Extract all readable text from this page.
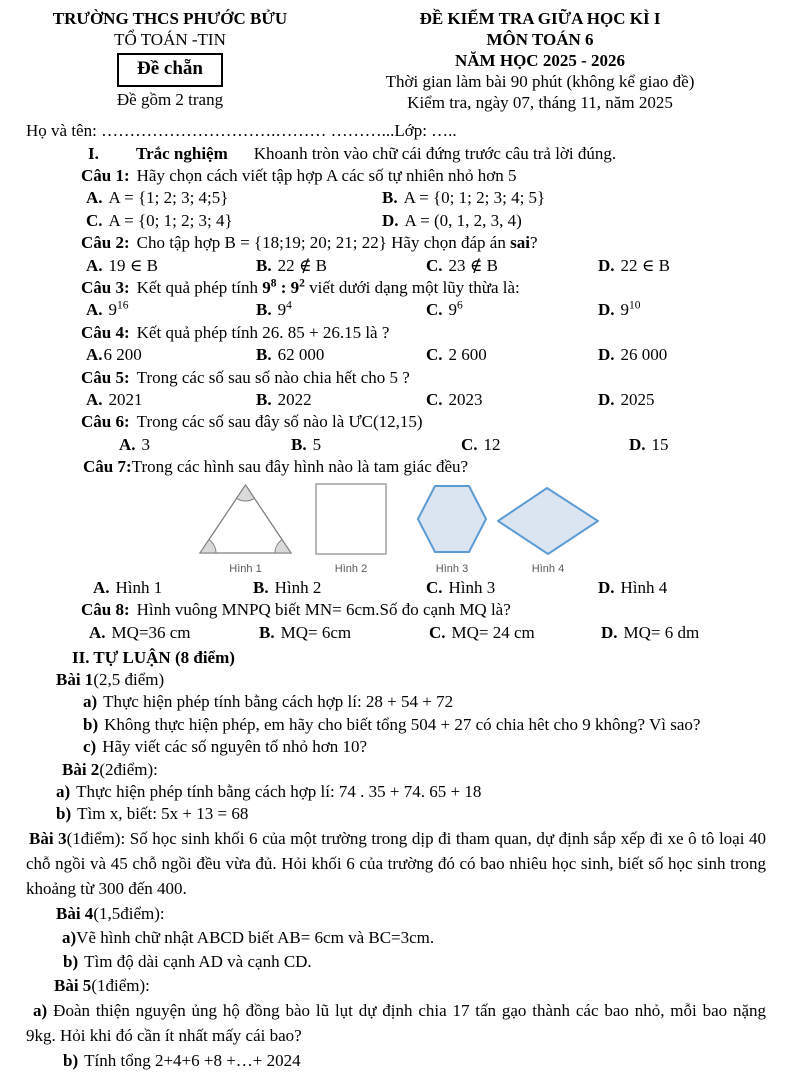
TRƯỜNG THCS PHƯỚC BỬU
TỔ TOÁN -TIN
Đề chẵn
Đề gồm 2 trang
ĐỀ KIỂM TRA GIỮA HỌC KÌ I
MÔN TOÁN 6
NĂM HỌC 2025 - 2026
Thời gian làm bài 90 phút (không kể giao đề)
Kiểm tra, ngày 07, tháng 11, năm 2025
Họ và tên: ………………………….……… ………...Lớp: …..
I. Trắc nghiệm Khoanh tròn vào chữ cái đứng trước câu trả lời đúng.
Câu 1: Hãy chọn cách viết tập hợp A các số tự nhiên nhỏ hơn 5
A. A = {1; 2; 3; 4;5}	B. A = {0; 1; 2; 3; 4; 5}
C. A = {0; 1; 2; 3; 4}	D. A = (0, 1, 2, 3, 4)
Câu 2: Cho tập hợp B = {18;19; 20; 21; 22} Hãy chọn đáp án sai?
A. 19 ∈ B	B. 22 ∉ B	C. 23 ∉ B	D. 22 ∈ B
Câu 3: Kết quả phép tính $9^8$ : $9^2$ viết dưới dạng một lũy thừa là:
A. $9^{16}$	B. $9^4$	C. $9^6$	D. $9^{10}$
Câu 4: Kết quả phép tính 26. 85 + 26.15 là ?
A.6 200	B. 62 000	C. 2 600	D. 26 000
Câu 5: Trong các số sau số nào chia hết cho 5 ?
A. 2021	B. 2022	C. 2023	D. 2025
Câu 6: Trong các số sau đây số nào là ƯC(12,15)
A. 3	B. 5	C. 12	D. 15
Câu 7:Trong các hình sau đây hình nào là tam giác đều?
Hình 1	Hình 2	Hình 3	Hình 4
A. Hình 1	B. Hình 2	C. Hình 3	D. Hình 4
Câu 8: Hình vuông MNPQ biết MN= 6cm.Số đo cạnh MQ là?
A. MQ=36 cm	B. MQ= 6cm	C. MQ= 24 cm	D. MQ= 6 dm
II. TỰ LUẬN (8 điểm)
Bài 1(2,5 điểm)
a) Thực hiện phép tính bằng cách hợp lí: 28 + 54 + 72
b) Không thực hiện phép, em hãy cho biết tổng 504 + 27 có chia hêt cho 9 không? Vì sao?
c) Hãy viết các số nguyên tố nhỏ hơn 10?
Bài 2(2điểm):
a) Thực hiện phép tính bằng cách hợp lí: 74 . 35 + 74. 65 + 18
b) Tìm x, biết: 5x + 13 = 68
Bài 3(1điểm): Số học sinh khối 6 của một trường trong dịp đi tham quan, dự định sắp xếp đi xe ô tô loại 40 chỗ ngồi và 45 chỗ ngồi đều vừa đủ. Hỏi khối 6 của trường đó có bao nhiêu học sinh, biết số học sinh trong khoảng từ 300 đến 400.
Bài 4(1,5điểm):
a)Vẽ hình chữ nhật ABCD biết AB= 6cm và BC=3cm.
b) Tìm độ dài cạnh AD và cạnh CD.
Bài 5(1điểm):
a) Đoàn thiện nguyện ủng hộ đồng bào lũ lụt dự định chia 17 tấn gạo thành các bao nhỏ, mỗi bao nặng 9kg. Hỏi khi đó cần ít nhất mấy cái bao?
b) Tính tổng 2+4+6 +8 +…+ 2024
